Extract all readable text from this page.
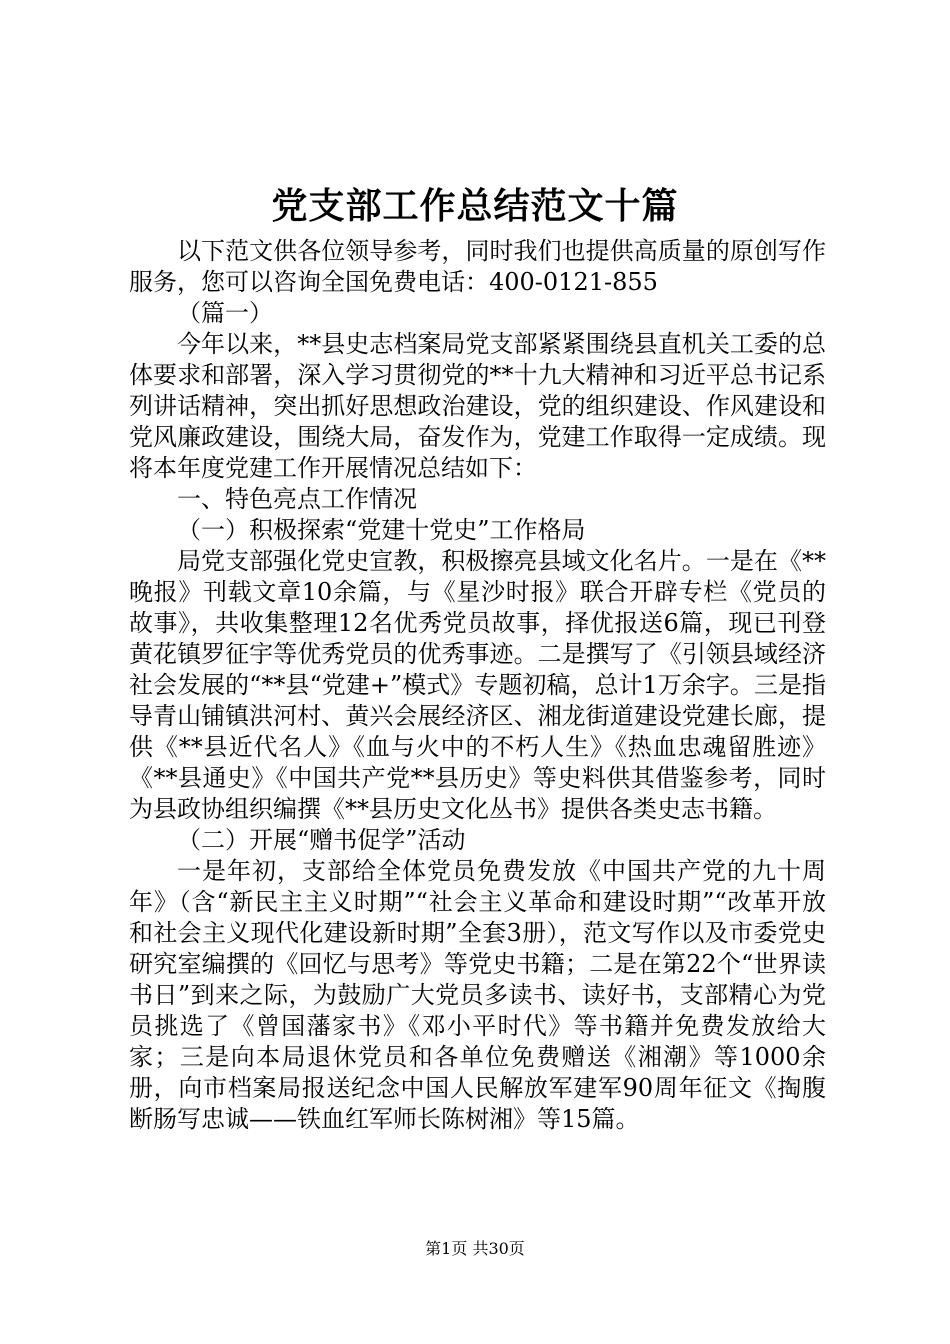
党支部工作总结范文十篇

以下范文供各位领导参考，同时我们也提供高质量的原创写作服务，您可以咨询全国免费电话：400-0121-855

（篇一）

今年以来，**县史志档案局党支部紧紧围绕县直机关工委的总体要求和部署，深入学习贯彻党的**十九大精神和习近平总书记系列讲话精神，突出抓好思想政治建设，党的组织建设、作风建设和党风廉政建设，围绕大局，奋发作为，党建工作取得一定成绩。现将本年度党建工作开展情况总结如下：

一、特色亮点工作情况

（一）积极探索“党建十党史”工作格局

局党支部强化党史宣教，积极擦亮县域文化名片。一是在《**晚报》刊载文章10余篇，与《星沙时报》联合开辟专栏《党员的故事》，共收集整理12名优秀党员故事，择优报送6篇，现已刊登黄花镇罗征宇等优秀党员的优秀事迹。二是撰写了《引领县域经济社会发展的“**县“党建+”模式》专题初稿，总计1万余字。三是指导青山铺镇洪河村、黄兴会展经济区、湘龙街道建设党建长廊，提供《**县近代名人》《血与火中的不朽人生》《热血忠魂留胜迹》《**县通史》《中国共产党**县历史》等史料供其借鉴参考，同时为县政协组织编撰《**县历史文化丛书》提供各类史志书籍。

（二）开展“赠书促学”活动

一是年初，支部给全体党员免费发放《中国共产党的九十周年》（含“新民主主义时期”“社会主义革命和建设时期”“改革开放和社会主义现代化建设新时期”全套3册），范文写作以及市委党史研究室编撰的《回忆与思考》等党史书籍；二是在第22个“世界读书日”到来之际，为鼓励广大党员多读书、读好书，支部精心为党员挑选了《曾国藩家书》《邓小平时代》等书籍并免费发放给大家；三是向本局退休党员和各单位免费赠送《湘潮》等1000余册，向市档案局报送纪念中国人民解放军建军90周年征文《掏腹断肠写忠诚——铁血红军师长陈树湘》等15篇。

第1页 共30页
